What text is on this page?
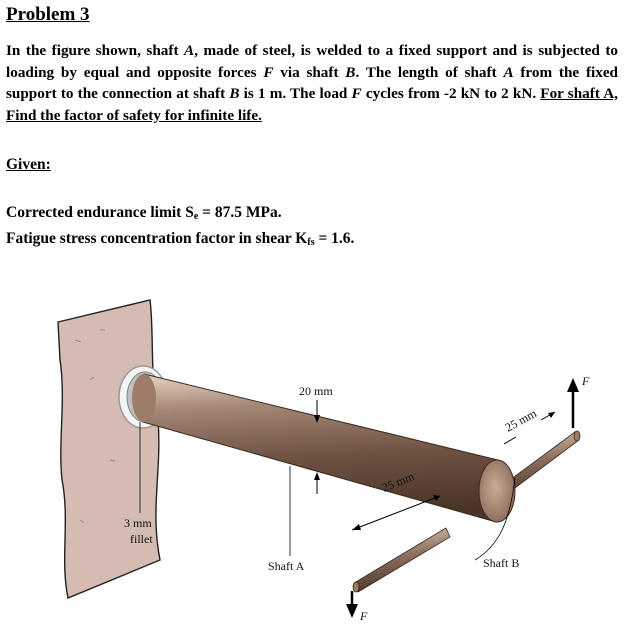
Problem 3
In the figure shown, shaft A, made of steel, is welded to a fixed support and is subjected to loading by equal and opposite forces F via shaft B. The length of shaft A from the fixed support to the connection at shaft B is 1 m. The load F cycles from -2 kN to 2 kN. For shaft A, Find the factor of safety for infinite life.
Given:
Corrected endurance limit $S_e = 87.5$ MPa.
Fatigue stress concentration factor in shear $K_{fs} = 1.6$.
20 mm
25 mm
25 mm
F
F
3 mm
fillet
Shaft A	Shaft B
